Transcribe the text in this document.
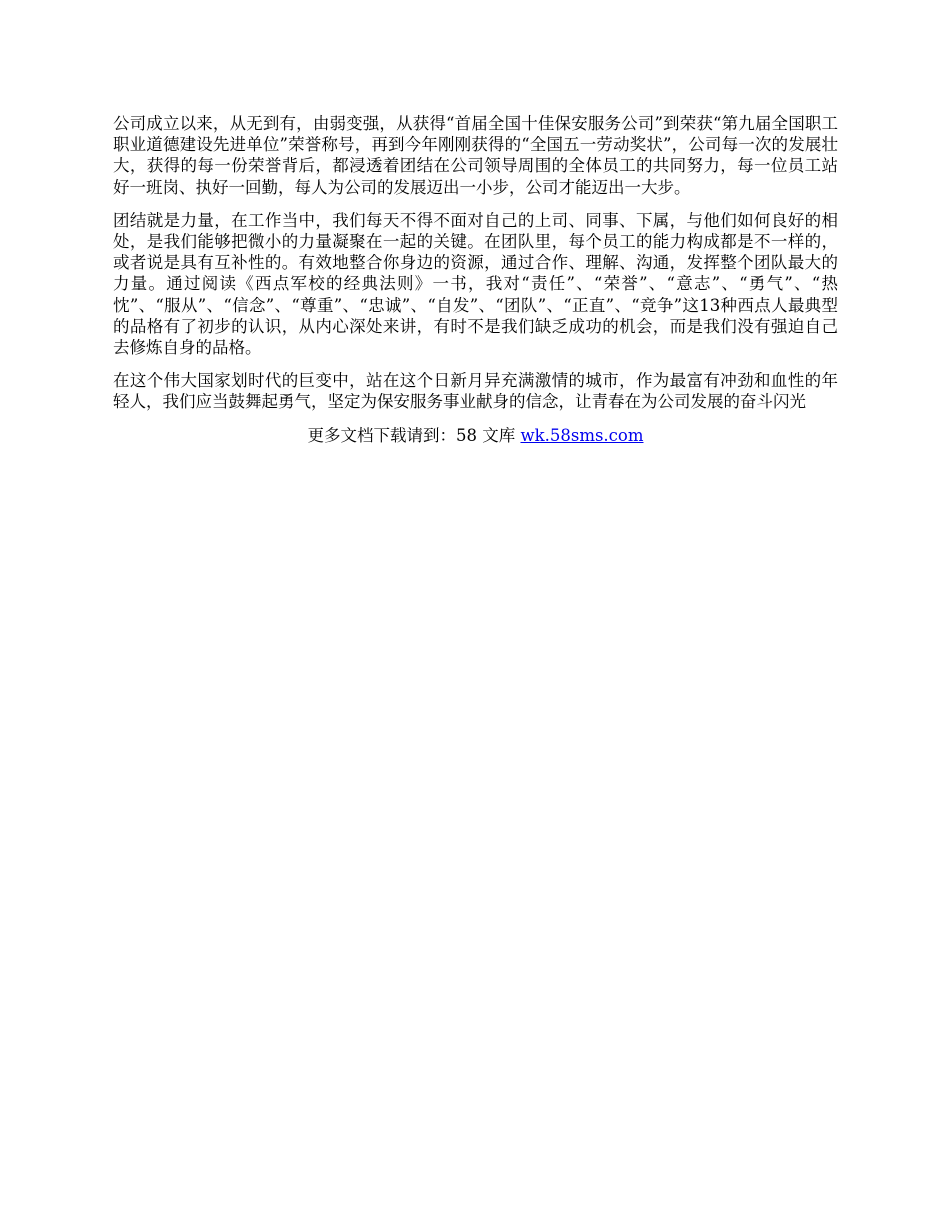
公司成立以来，从无到有，由弱变强，从获得“首届全国十佳保安服务公司”到荣获“第九届全国职工职业道德建设先进单位”荣誉称号，再到今年刚刚获得的“全国五一劳动奖状”，公司每一次的发展壮大，获得的每一份荣誉背后，都浸透着团结在公司领导周围的全体员工的共同努力，每一位员工站好一班岗、执好一回勤，每人为公司的发展迈出一小步，公司才能迈出一大步。

团结就是力量，在工作当中，我们每天不得不面对自己的上司、同事、下属，与他们如何良好的相处，是我们能够把微小的力量凝聚在一起的关键。在团队里，每个员工的能力构成都是不一样的，或者说是具有互补性的。有效地整合你身边的资源，通过合作、理解、沟通，发挥整个团队最大的力量。通过阅读《西点军校的经典法则》一书，我对“责任”、“荣誉”、“意志”、“勇气”、“热忱”、“服从”、“信念”、“尊重”、“忠诚”、“自发”、“团队”、“正直”、“竞争”这13种西点人最典型的品格有了初步的认识，从内心深处来讲，有时不是我们缺乏成功的机会，而是我们没有强迫自己去修炼自身的品格。

在这个伟大国家划时代的巨变中，站在这个日新月异充满激情的城市，作为最富有冲劲和血性的年轻人，我们应当鼓舞起勇气，坚定为保安服务事业献身的信念，让青春在为公司发展的奋斗闪光

更多文档下载请到：58 文库 wk.58sms.com
